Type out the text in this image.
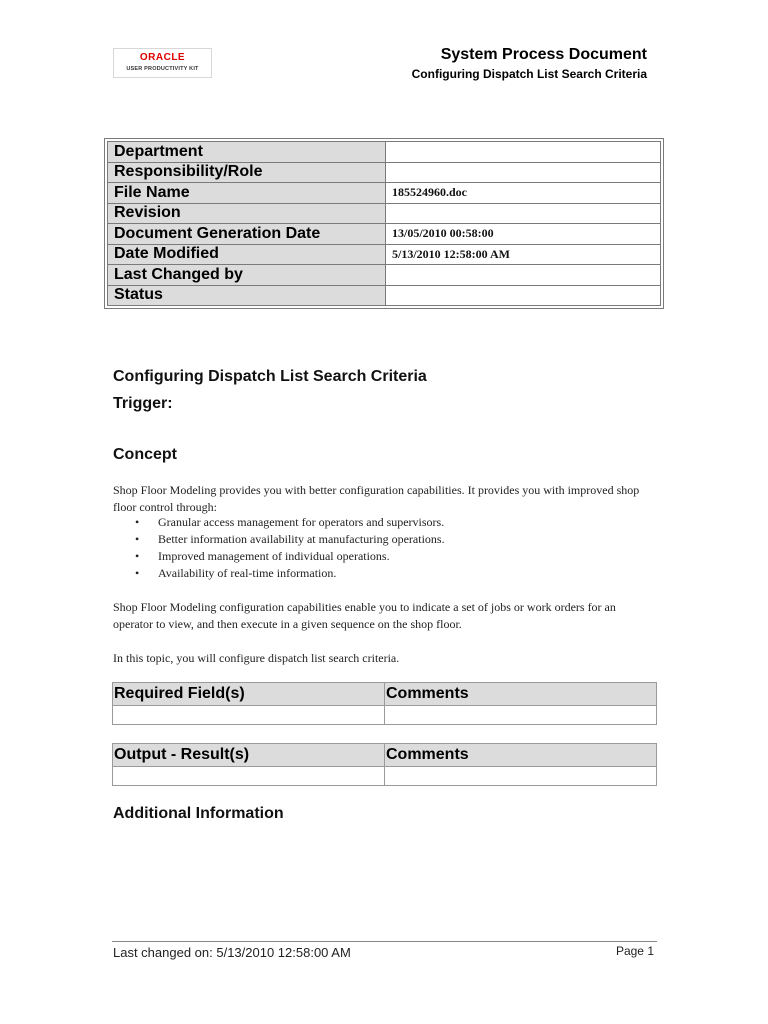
ORACLE
USER PRODUCTIVITY KIT
System Process Document
Configuring Dispatch List Search Criteria
Department	
Responsibility/Role	
File Name	185524960.doc
Revision	
Document Generation Date	13/05/2010 00:58:00
Date Modified	5/13/2010 12:58:00 AM
Last Changed by	
Status	
Configuring Dispatch List Search Criteria
Trigger:
Concept
Shop Floor Modeling provides you with better configuration capabilities. It provides you with improved shop floor control through:
• Granular access management for operators and supervisors.
• Better information availability at manufacturing operations.
• Improved management of individual operations.
• Availability of real-time information.
Shop Floor Modeling configuration capabilities enable you to indicate a set of jobs or work orders for an operator to view, and then execute in a given sequence on the shop floor.
In this topic, you will configure dispatch list search criteria.
Required Field(s)	Comments

Output - Result(s)	Comments

Additional Information
Last changed on: 5/13/2010 12:58:00 AM	Page 1
